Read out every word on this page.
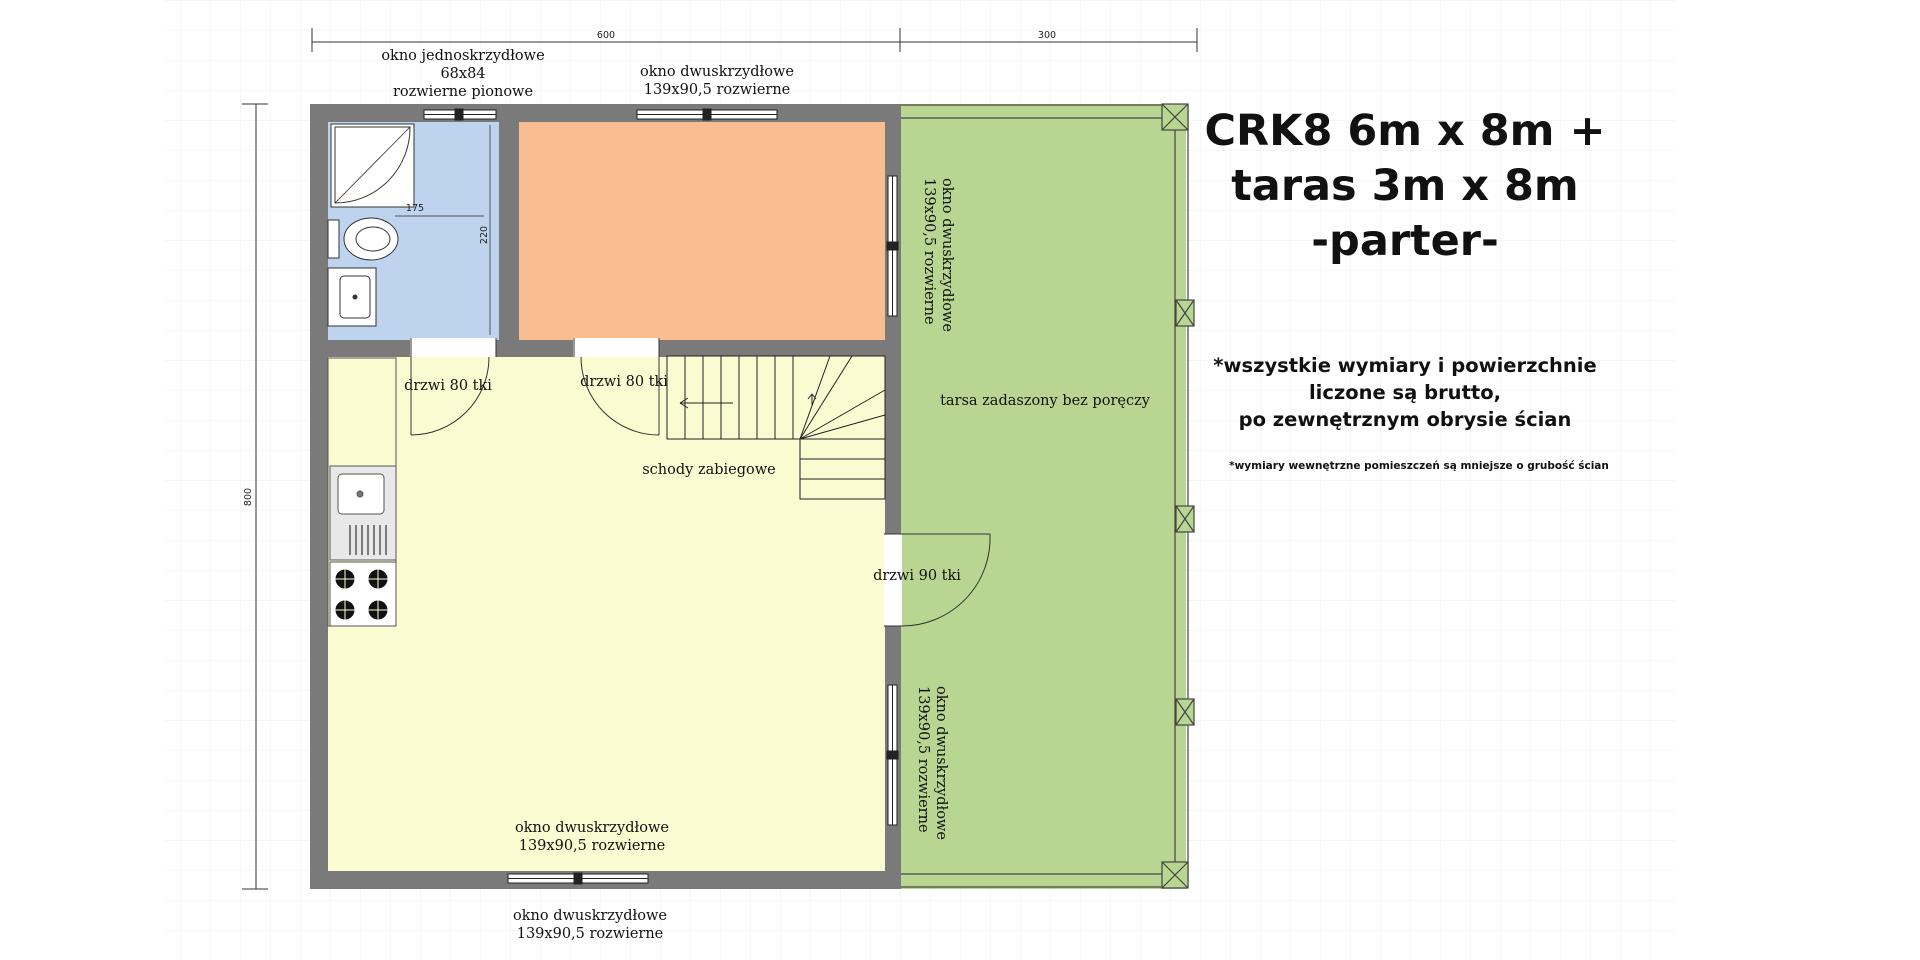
600	300
800
175
220
okno jednoskrzydłowe
68x84
rozwierne pionowe
okno dwuskrzydłowe
139x90,5 rozwierne
okno dwuskrzydłowe
139x90,5 rozwierne
okno dwuskrzydłowe
139x90,5 rozwierne
okno dwuskrzydłowe
139x90,5 rozwierne
okno dwuskrzydłowe
139x90,5 rozwierne
drzwi 80 tki	drzwi 80 tki
drzwi 90 tki
schody zabiegowe
tarsa zadaszony bez poręczy
CRK8 6m x 8m +
taras 3m x 8m
-parter-
*wszystkie wymiary i powierzchnie
liczone są brutto,
po zewnętrznym obrysie ścian
*wymiary wewnętrzne pomieszczeń są mniejsze o grubość ścian
